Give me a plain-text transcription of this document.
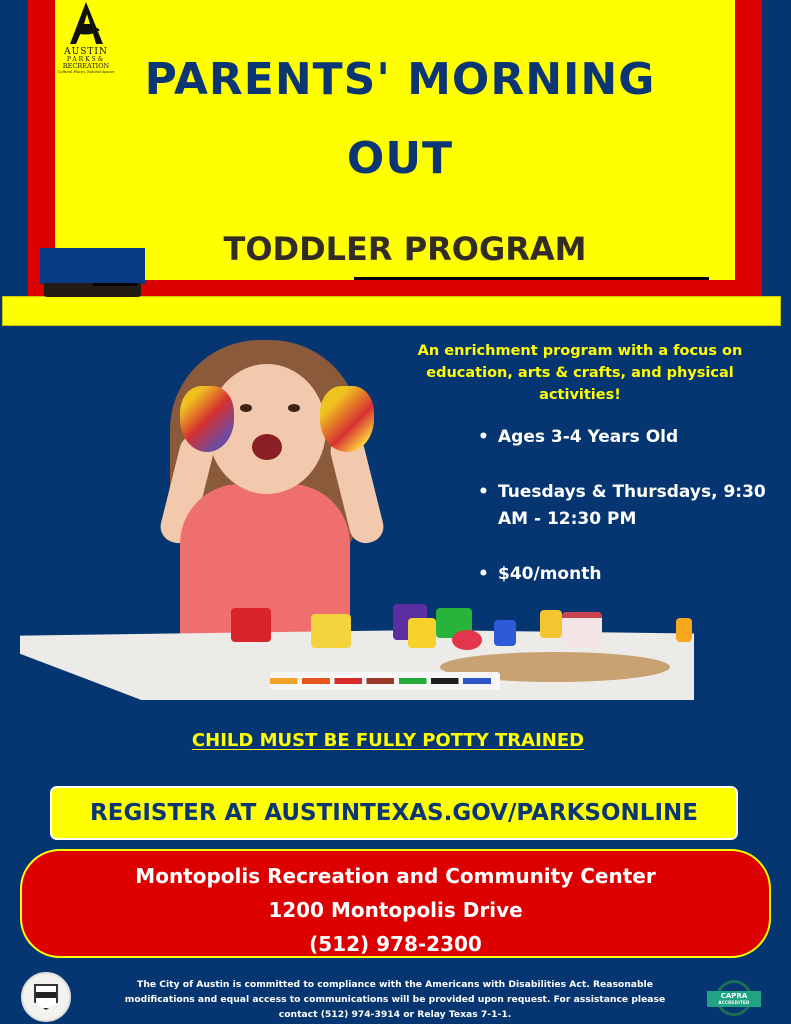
AUSTIN
PARKS&
RECREATION
Cultural Places, Natural Spaces PARENTS' MORNING
OUT
TODDLER PROGRAM
An enrichment program with a focus on education, arts & crafts, and physical activities!
• Ages 3-4 Years Old
• Tuesdays & Thursdays, 9:30 AM - 12:30 PM
• $40/month
CHILD MUST BE FULLY POTTY TRAINED
REGISTER AT AUSTINTEXAS.GOV/PARKSONLINE
Montopolis Recreation and Community Center
1200 Montopolis Drive
(512) 978-2300
The City of Austin is committed to compliance with the Americans with Disabilities Act. Reasonable modifications and equal access to communications will be provided upon request. For assistance please contact (512) 974-3914 or Relay Texas 7-1-1.
CAPRA
ACCREDITED
